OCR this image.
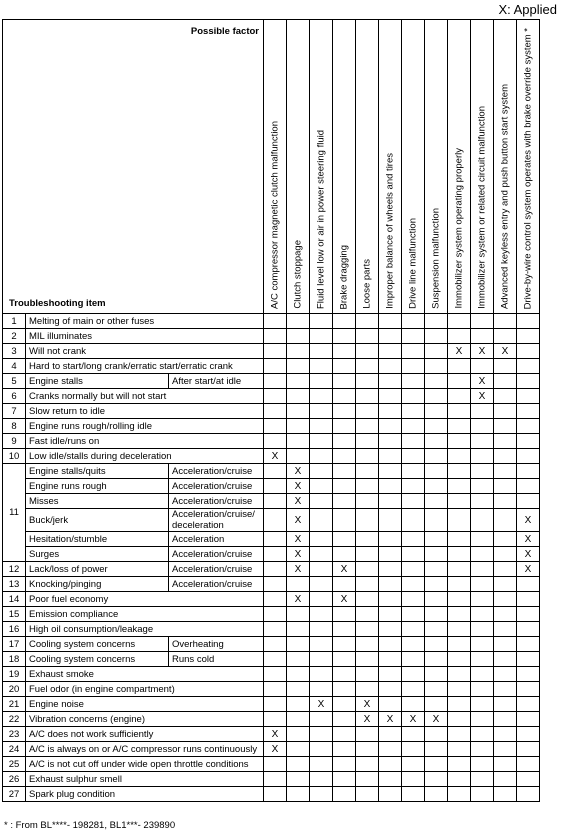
X: Applied
Possible factor
Troubleshooting item			A/C compressor magnetic clutch malfunction	Clutch stoppage	Fluid level low or air in power steering fluid	Brake dragging	Loose parts	Improper balance of wheels and tires	Drive line malfunction	Suspension malfunction	Immobilizer system operating properly	Immobilizer system or related circuit malfunction	Advanced keyless entry and push button start system	Drive-by-wire control system operates with brake override system *

1	Melting of main or other fuses													
2	MIL illuminates													
3	Will not crank										X	X	X	
4	Hard to start/long crank/erratic start/erratic crank													
5	Engine stalls	After start/at idle										X		
6	Cranks normally but will not start											X		
7	Slow return to idle													
8	Engine runs rough/rolling idle													
9	Fast idle/runs on													
10	Low idle/stalls during deceleration		X											
11	Engine stalls/quits	Acceleration/cruise		X										
	Engine runs rough	Acceleration/cruise		X										
	Misses	Acceleration/cruise		X										
	Buck/jerk	Acceleration/cruise/ deceleration		X										X
	Hesitation/stumble	Acceleration		X										X
	Surges	Acceleration/cruise		X										X
12	Lack/loss of power	Acceleration/cruise		X		X								X
13	Knocking/pinging	Acceleration/cruise												
14	Poor fuel economy			X		X								
15	Emission compliance													
16	High oil consumption/leakage													
17	Cooling system concerns	Overheating												
18	Cooling system concerns	Runs cold												
19	Exhaust smoke													
20	Fuel odor (in engine compartment)													
21	Engine noise				X		X							
22	Vibration concerns (engine)						X	X	X	X				
23	A/C does not work sufficiently		X											
24	A/C is always on or A/C compressor runs continuously		X											
25	A/C is not cut off under wide open throttle conditions													
26	Exhaust sulphur smell													
27	Spark plug condition													
* : From BL****- 198281, BL1***- 239890
